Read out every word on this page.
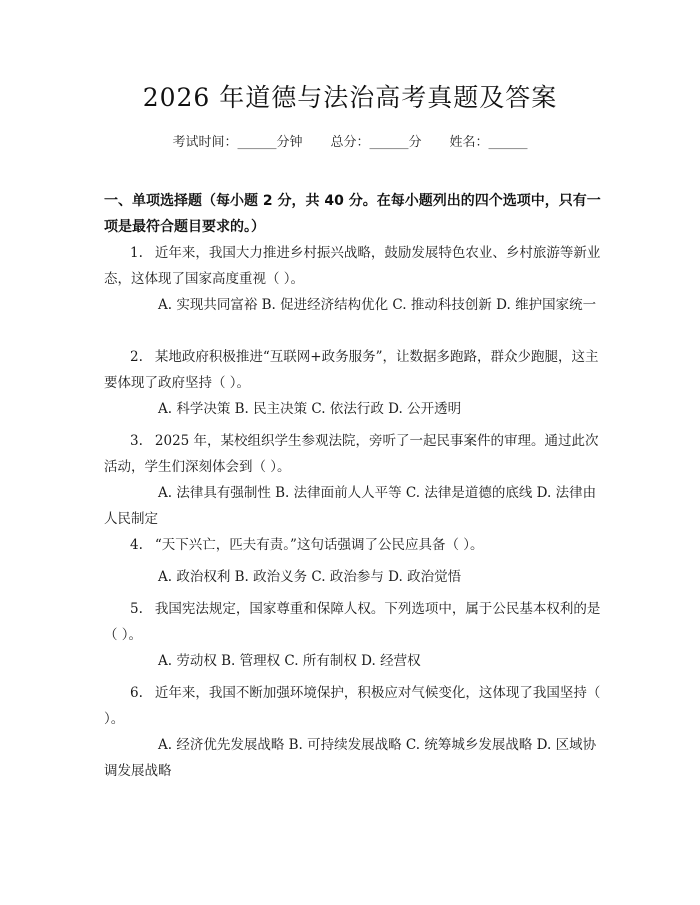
2026 年道德与法治高考真题及答案
考试时间：______分钟 总分：______分 姓名：______
一、单项选择题（每小题 2 分，共 40 分。在每小题列出的四个选项中，只有一项是最符合题目要求的。）
1. 近年来，我国大力推进乡村振兴战略，鼓励发展特色农业、乡村旅游等新业态，这体现了国家高度重视（ ）。
A. 实现共同富裕 B. 促进经济结构优化 C. 推动科技创新 D. 维护国家统一
2. 某地政府积极推进“互联网+政务服务”，让数据多跑路，群众少跑腿，这主要体现了政府坚持（ ）。
A. 科学决策 B. 民主决策 C. 依法行政 D. 公开透明
3. 2025 年，某校组织学生参观法院，旁听了一起民事案件的审理。通过此次活动，学生们深刻体会到（ ）。
A. 法律具有强制性 B. 法律面前人人平等 C. 法律是道德的底线 D. 法律由人民制定
4. “天下兴亡，匹夫有责。”这句话强调了公民应具备（ ）。
A. 政治权利 B. 政治义务 C. 政治参与 D. 政治觉悟
5. 我国宪法规定，国家尊重和保障人权。下列选项中，属于公民基本权利的是（ ）。
A. 劳动权 B. 管理权 C. 所有制权 D. 经营权
6. 近年来，我国不断加强环境保护，积极应对气候变化，这体现了我国坚持（ ）。
A. 经济优先发展战略 B. 可持续发展战略 C. 统筹城乡发展战略 D. 区域协调发展战略
